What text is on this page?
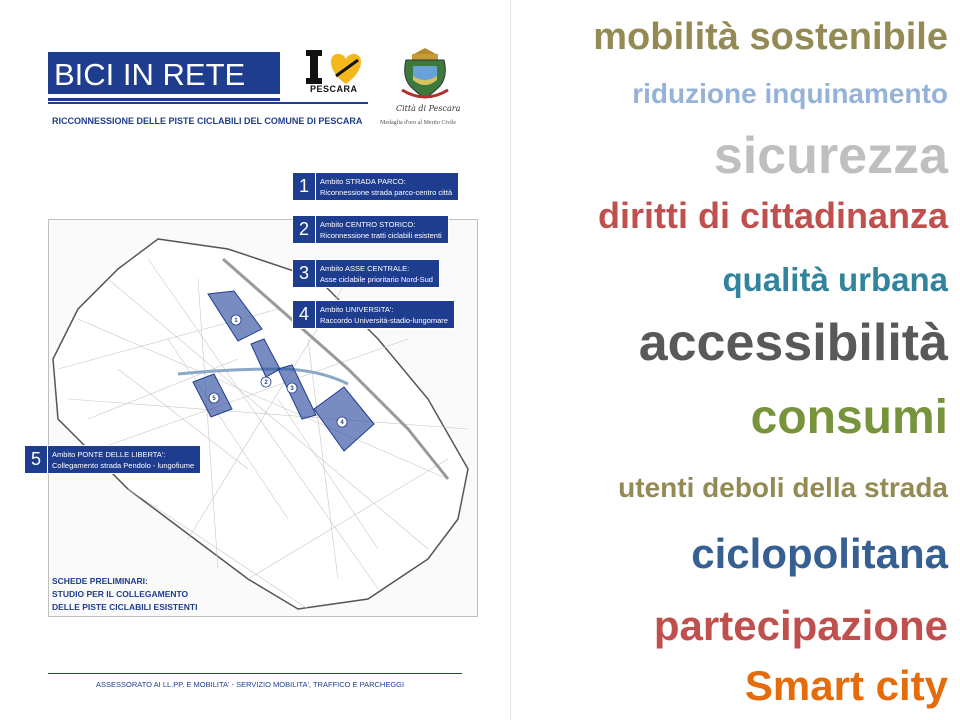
BICI IN RETE
RICCONNESSIONE DELLE PISTE CICLABILI DEL COMUNE DI PESCARA
PESCARA
Città di Pescara
Medaglia d'oro al Merito Civile
1
2
3
4
5
1	Ambito STRADA PARCO:
Riconnessione strada parco-centro città
2	Ambito CENTRO STORICO:
Riconnessione tratti ciclabili esistenti
3	Ambito ASSE CENTRALE:
Asse ciclabile prioritario Nord-Sud
4	Ambito UNIVERSITA':
Raccordo Università-stadio-lungomare
5	Ambito PONTE DELLE LIBERTA':
Collegamento strada Pendolo - lungofiume
SCHEDE PRELIMINARI:
STUDIO PER IL COLLEGAMENTO
DELLE PISTE CICLABILI ESISTENTI
ASSESSORATO AI LL.PP. E MOBILITA' - SERVIZIO MOBILITA', TRAFFICO E PARCHEGGI
mobilità sostenibile
riduzione inquinamento
sicurezza
diritti di cittadinanza
qualità urbana
accessibilità
consumi
utenti deboli della strada
ciclopolitana
partecipazione
Smart city
